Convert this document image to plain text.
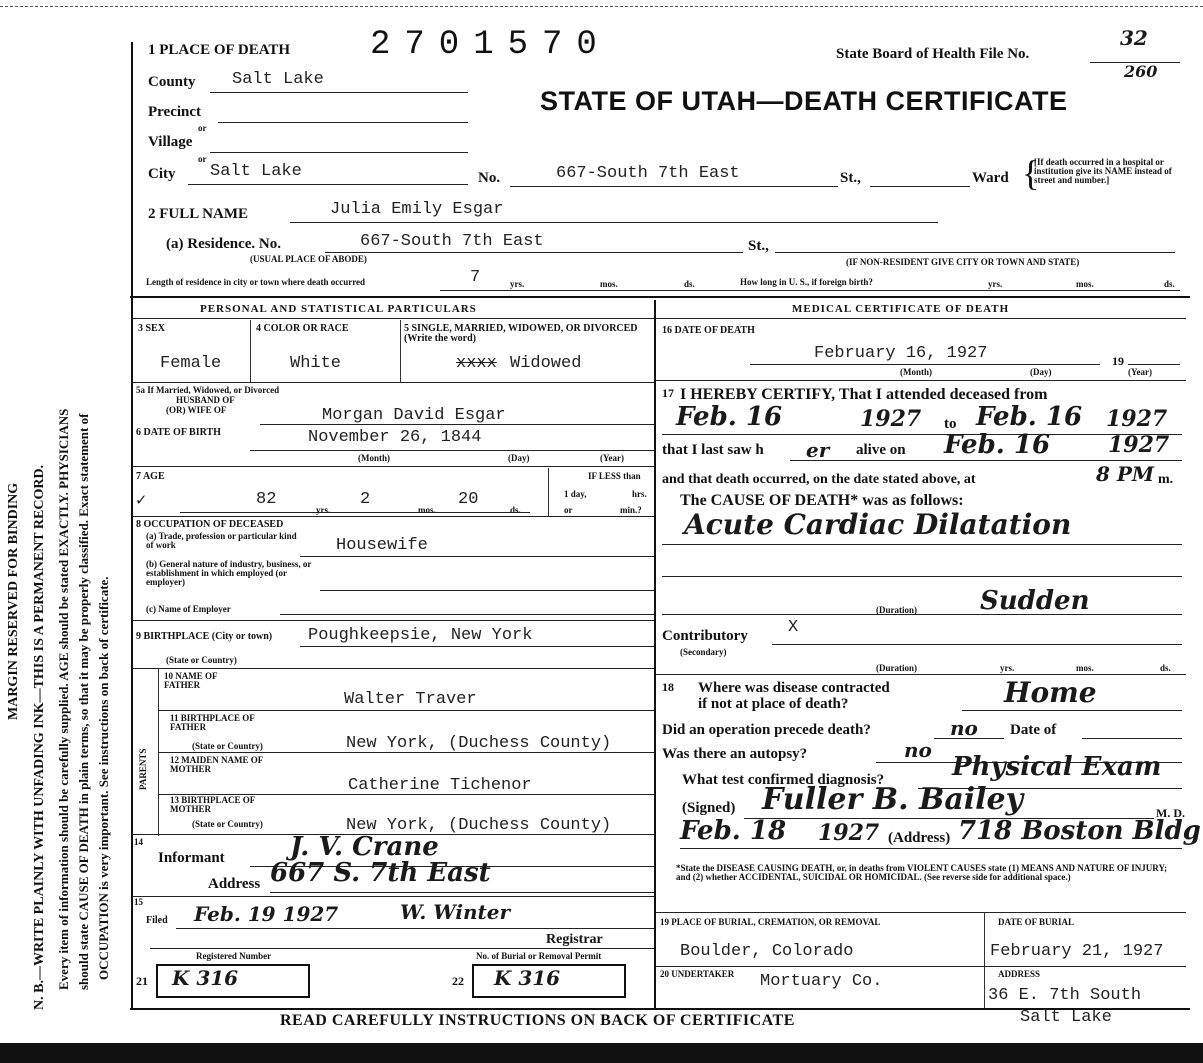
MARGIN RESERVED FOR BINDING N. B.—WRITE PLAINLY WITH UNFADING INK—THIS IS A PERMANENT RECORD. Every item of information should be carefully supplied. AGE should be stated EXACTLY. PHYSICIANS should state CAUSE OF DEATH in plain terms, so that it may be properly classified. Exact statement of OCCUPATION is very important. See instructions on back of certificate.
1 PLACE OF DEATH 2701570	State Board of Health File No.
32
260
STATE OF UTAH—DEATH CERTIFICATE
County Salt Lake
Precinct
or
Village
or
City Salt Lake	No.	667-South 7th East	St.,	Ward {
[If death occurred in a hospital or institution give its NAME instead of street and number.]
2 FULL NAME	Julia Emily Esgar
(a) Residence. No.	667-South 7th East	St.,
(USUAL PLACE OF ABODE)	(IF NON-RESIDENT GIVE CITY OR TOWN AND STATE)
Length of residence in city or town where death occurred	7	yrs.	mos.	ds.	How long in U. S., if foreign birth?	yrs.	mos.	ds.
PERSONAL AND STATISTICAL PARTICULARS
3 SEX
Female
4 COLOR OR RACE
White
5 SINGLE, MARRIED, WIDOWED, OR DIVORCED (Write the word)
xxxx Widowed
5a If Married, Widowed, or Divorced
HUSBAND OF
(OR) WIFE OF	Morgan David Esgar
6 DATE OF BIRTH	November 26, 1844
(Month)	(Day)	(Year)
7 AGE
✓	82
yrs.
2
mos.
20
ds.
IF LESS than
1 day,	hrs.
or	min.?
8 OCCUPATION OF DECEASED
(a) Trade, profession or particular kind of work	Housewife
(b) General nature of industry, business, or establishment in which employed (or employer)
(c) Name of Employer
9 BIRTHPLACE (City or town) Poughkeepsie, New York
(State or Country)
PARENTS
10 NAME OF FATHER
Walter Traver
11 BIRTHPLACE OF FATHER
(State or Country)	New York, (Duchess County)
12 MAIDEN NAME OF MOTHER
Catherine Tichenor
13 BIRTHPLACE OF MOTHER
(State or Country)	New York, (Duchess County)
14
Informant	J. V. Crane
Address 667 S. 7th East
15
Filed Feb. 19 1927	W. Winter
Registrar
Registered Number	No. of Burial or Removal Permit
21 K 316	22 K 316
MEDICAL CERTIFICATE OF DEATH
16 DATE OF DEATH
February 16, 1927	19
(Month)	(Day)	(Year)
17 I HEREBY CERTIFY, That I attended deceased from
Feb. 16	1927 to Feb. 16 1927
that I last saw h er alive on Feb. 16	1927
and that death occurred, on the date stated above, at	8 PM m.
The CAUSE OF DEATH* was as follows:
Acute Cardiac Dilatation
(Duration) Sudden
Contributory
(Secondary)
X
(Duration)	yrs.	mos.	ds.
18 Where was disease contracted
if not at place of death?	Home
Did an operation precede death?	no Date of
Was there an autopsy?	no
What test confirmed diagnosis?	Physical Exam
(Signed) Fuller B. Bailey	M. D.
Feb. 18 1927 (Address) 718 Boston Bldg
*State the DISEASE CAUSING DEATH, or, in deaths from VIOLENT CAUSES state (1) MEANS AND NATURE OF INJURY; and (2) whether ACCIDENTAL, SUICIDAL OR HOMICIDAL. (See reverse side for additional space.)
19 PLACE OF BURIAL, CREMATION, OR REMOVAL
Boulder, Colorado
DATE OF BURIAL
February 21, 1927
20 UNDERTAKER Mortuary Co.	ADDRESS
36 E. 7th South
Salt Lake
READ CAREFULLY INSTRUCTIONS ON BACK OF CERTIFICATE
